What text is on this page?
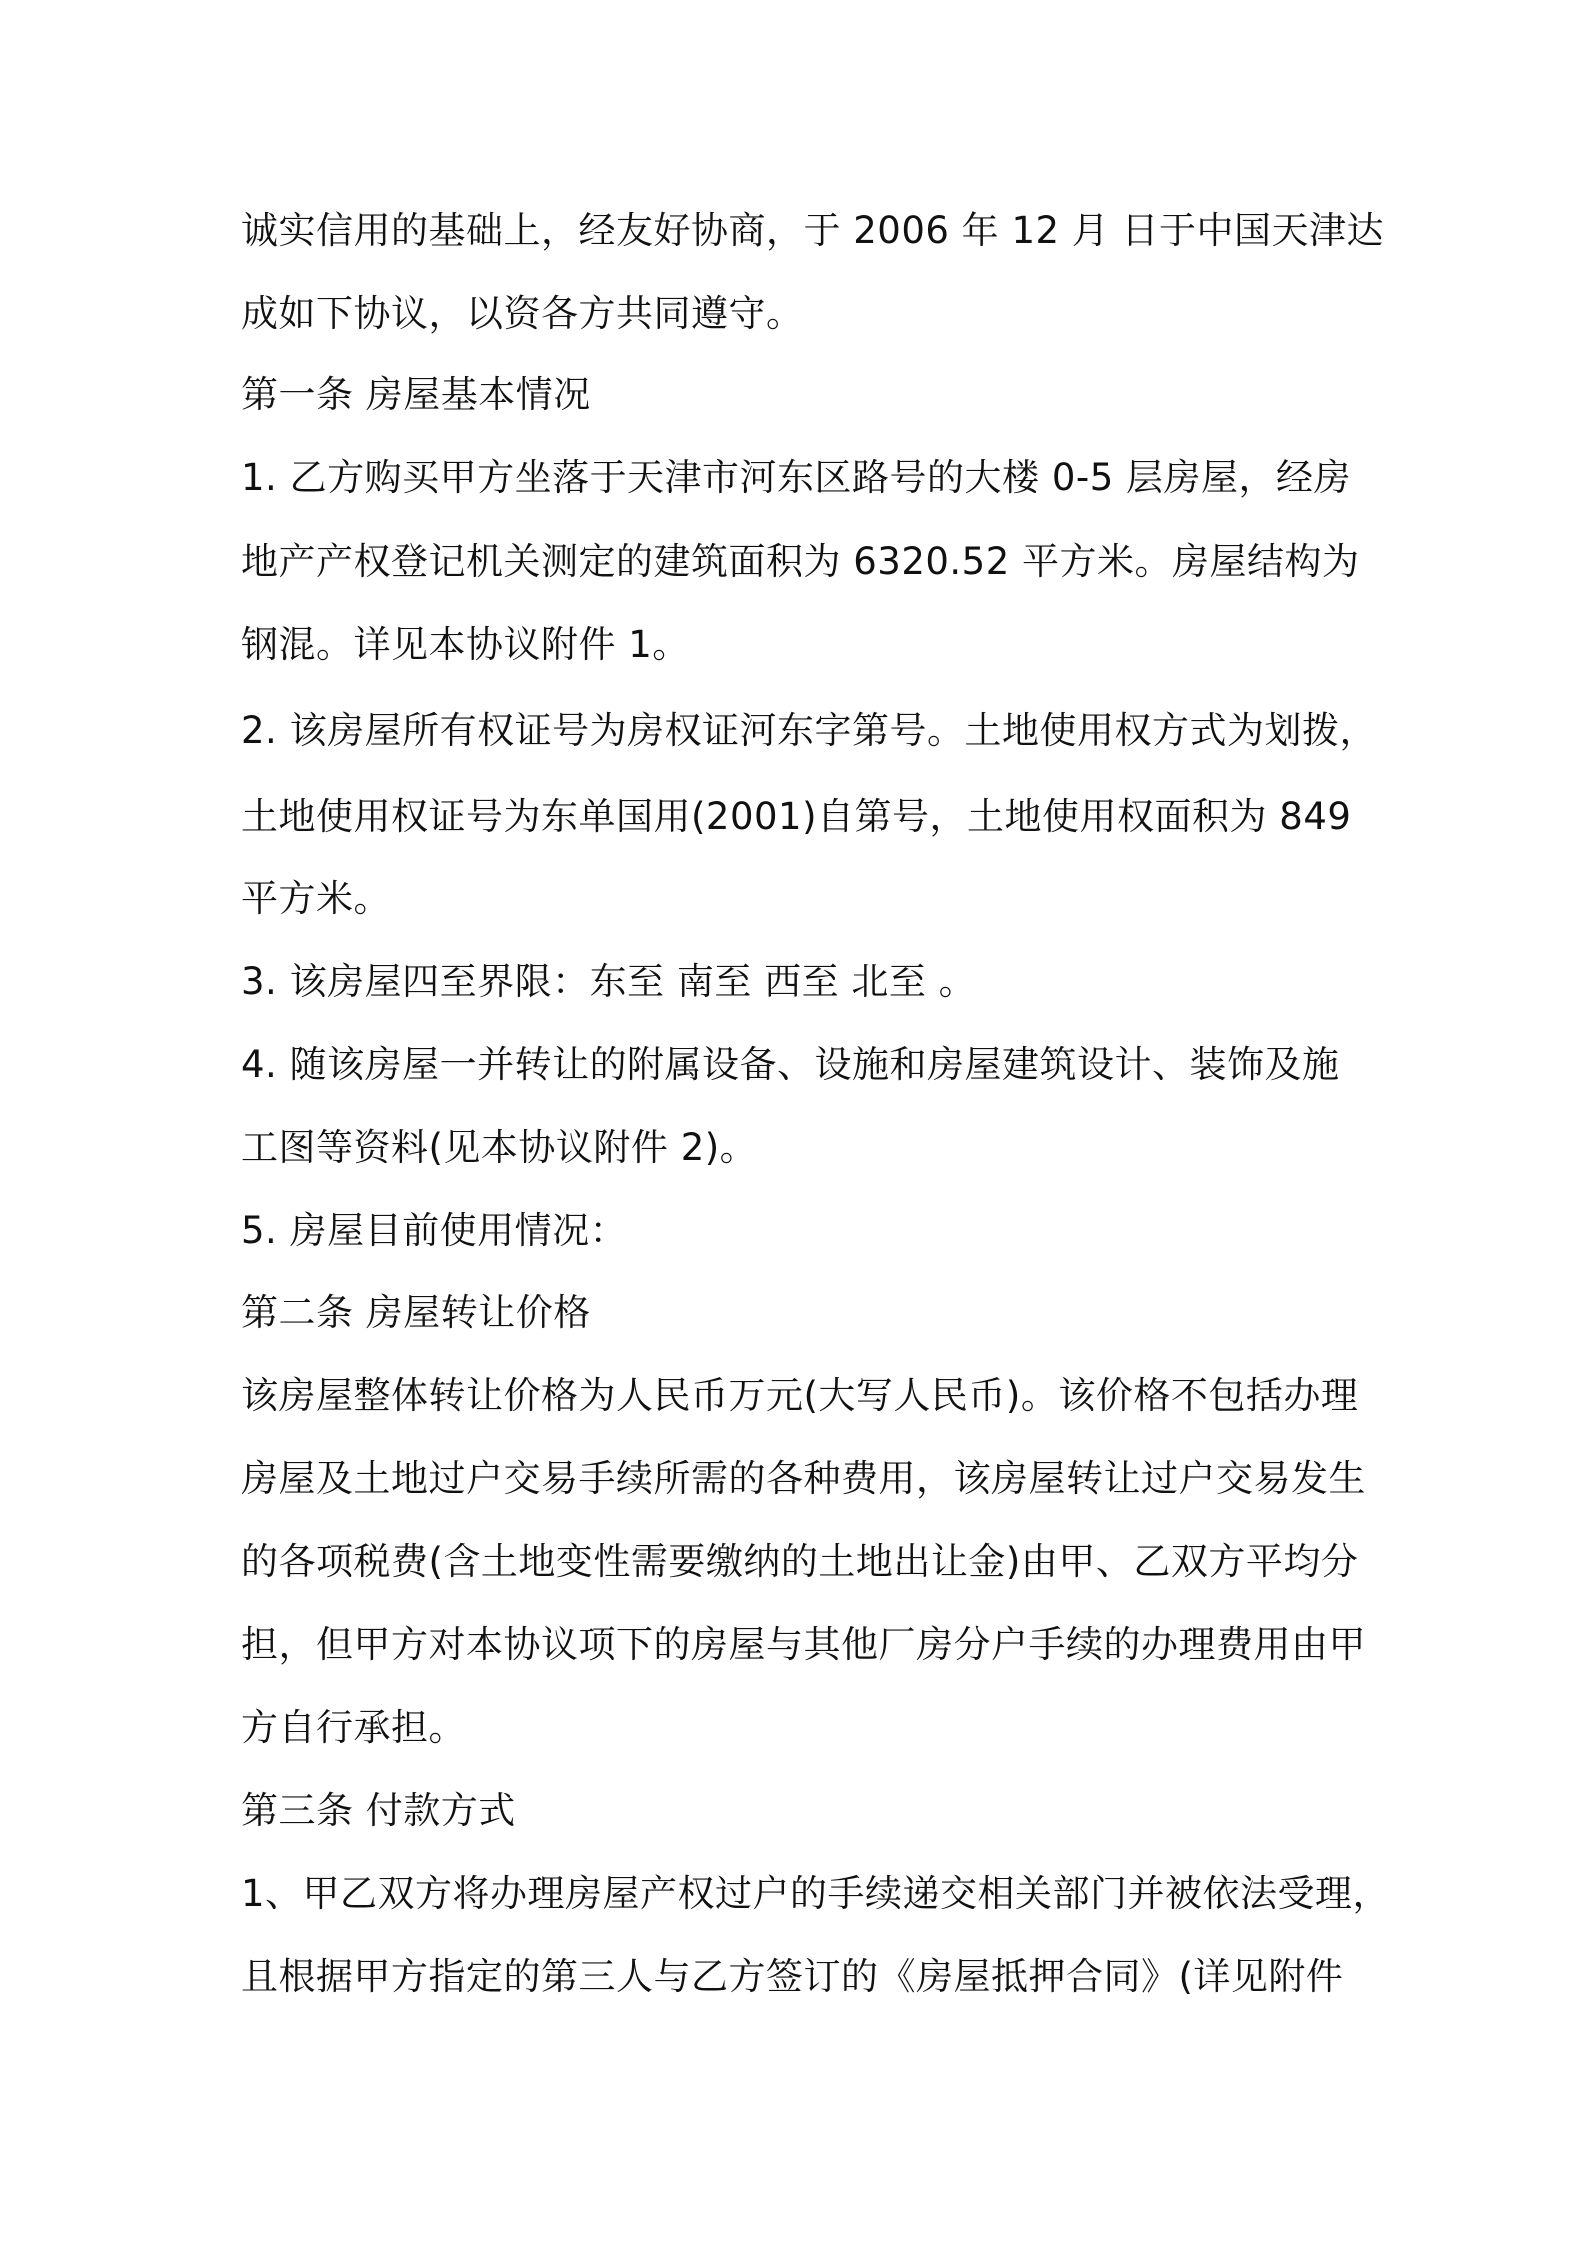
诚实信用的基础上，经友好协商，于 2006 年 12 月 日于中国天津达
成如下协议，以资各方共同遵守。
第一条 房屋基本情况
1. 乙方购买甲方坐落于天津市河东区路号的大楼 0-5 层房屋，经房
地产产权登记机关测定的建筑面积为 6320.52 平方米。房屋结构为
钢混。详见本协议附件 1。
2. 该房屋所有权证号为房权证河东字第号。土地使用权方式为划拨，
土地使用权证号为东单国用(2001)自第号，土地使用权面积为 849
平方米。
3. 该房屋四至界限：东至 南至 西至 北至 。
4. 随该房屋一并转让的附属设备、设施和房屋建筑设计、装饰及施
工图等资料(见本协议附件 2)。
5. 房屋目前使用情况：
第二条 房屋转让价格
该房屋整体转让价格为人民币万元(大写人民币)。该价格不包括办理
房屋及土地过户交易手续所需的各种费用，该房屋转让过户交易发生
的各项税费(含土地变性需要缴纳的土地出让金)由甲、乙双方平均分
担，但甲方对本协议项下的房屋与其他厂房分户手续的办理费用由甲
方自行承担。
第三条 付款方式
1、甲乙双方将办理房屋产权过户的手续递交相关部门并被依法受理，
且根据甲方指定的第三人与乙方签订的《房屋抵押合同》(详见附件
